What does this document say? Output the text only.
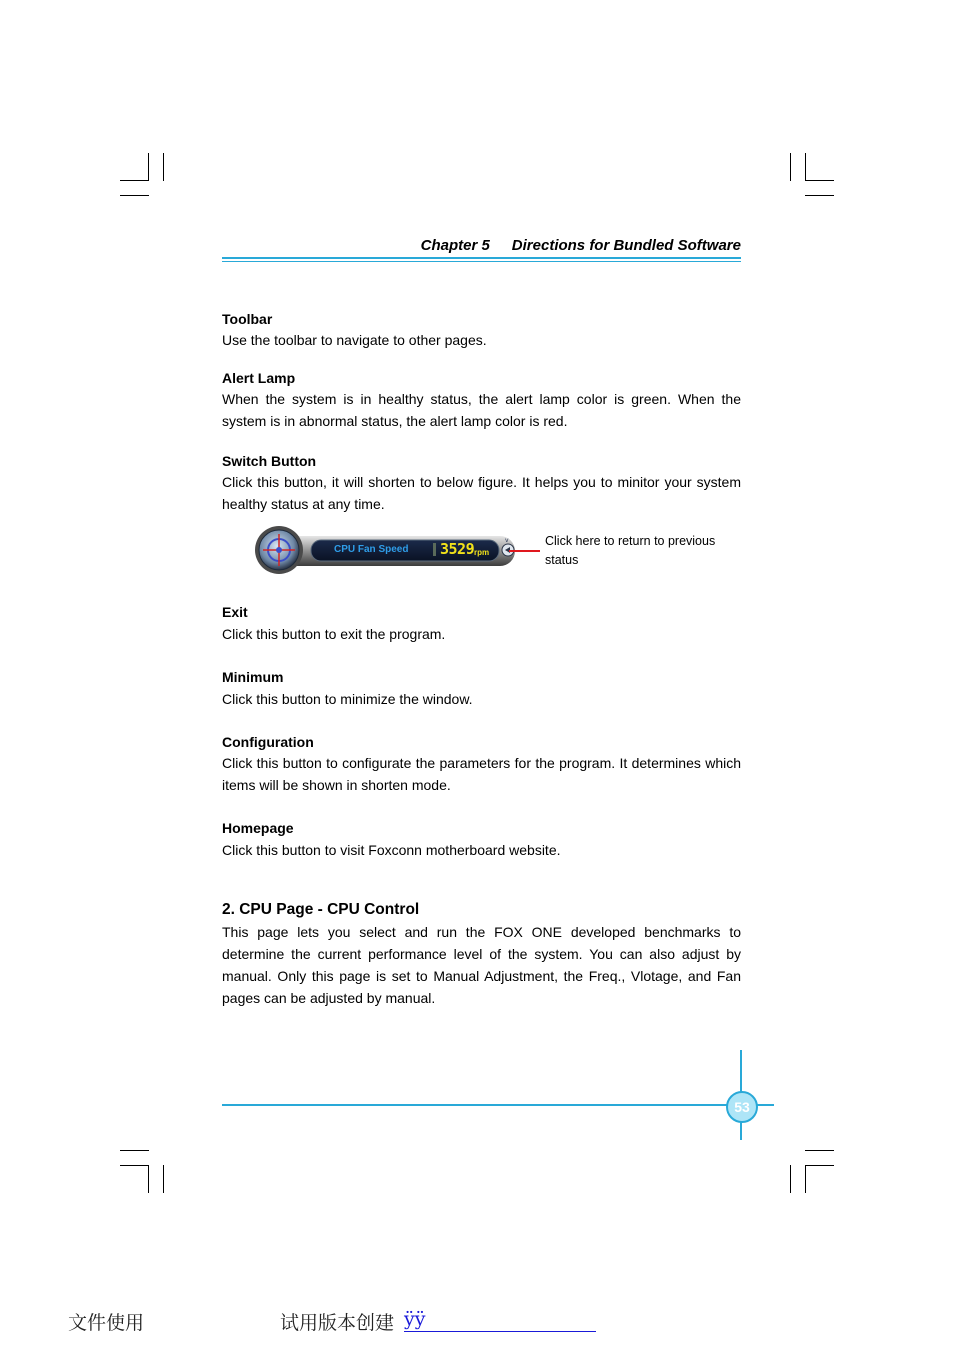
Chapter 5 Directions for Bundled Software
Toolbar
Use the toolbar to navigate to other pages.
Alert Lamp
When the system is in healthy status, the alert lamp color is green. When the system is in abnormal status, the alert lamp color is red.
Switch Button
Click this button, it will shorten to below figure. It helps you to minitor your system healthy status at any time.
v
CPU Fan Speed 3529 rpm
Click here to return to previous status
Exit
Click this button to exit the program.
Minimum
Click this button to minimize the window.
Configuration
Click this button to configurate the parameters for the program. It determines which items will be shown in shorten mode.
Homepage
Click this button to visit Foxconn motherboard website.
2. CPU Page - CPU Control
This page lets you select and run the FOX ONE developed benchmarks to determine the current performance level of the system. You can also adjust by manual. Only this page is set to Manual Adjustment, the Freq., Vlotage, and Fan pages can be adjusted by manual.
53
文件使用	试用版本创建 ÿÿ
